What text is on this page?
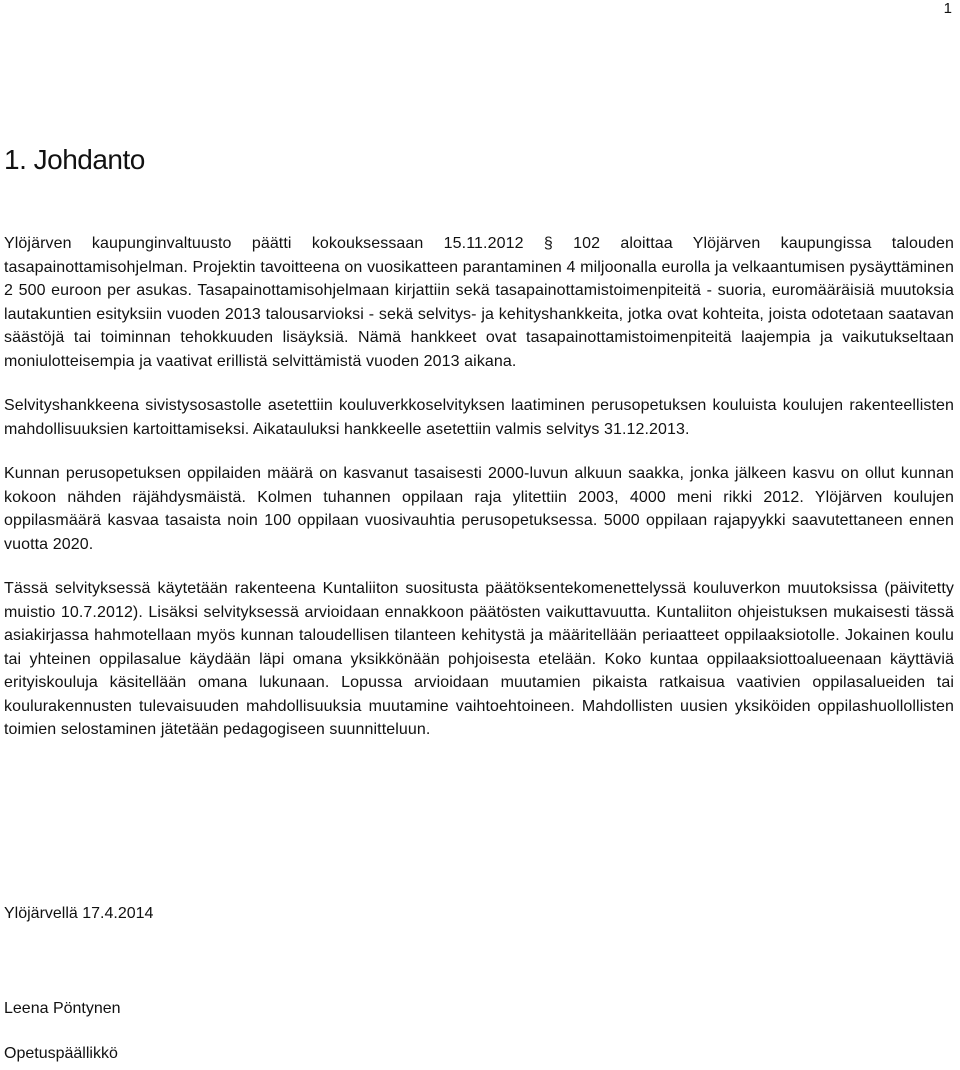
1
1. Johdanto

Ylöjärven kaupunginvaltuusto päätti kokouksessaan 15.11.2012 § 102 aloittaa Ylöjärven kaupungissa talouden tasapainottamisohjelman. Projektin tavoitteena on vuosikatteen parantaminen 4 miljoonalla eurolla ja velkaantumisen pysäyttäminen 2 500 euroon per asukas. Tasapainottamisohjelmaan kirjattiin sekä tasapainottamistoimenpiteitä - suoria, euromääräisiä muutoksia lautakuntien esityksiin vuoden 2013 talousarvioksi - sekä selvitys- ja kehityshankkeita, jotka ovat kohteita, joista odotetaan saatavan säästöjä tai toiminnan tehokkuuden lisäyksiä. Nämä hankkeet ovat tasapainottamistoimenpiteitä laajempia ja vaikutukseltaan moniulotteisempia ja vaativat erillistä selvittämistä vuoden 2013 aikana.

Selvityshankkeena sivistysosastolle asetettiin kouluverkkoselvityksen laatiminen perusopetuksen kouluista koulujen rakenteellisten mahdollisuuksien kartoittamiseksi. Aikatauluksi hankkeelle asetettiin valmis selvitys 31.12.2013.

Kunnan perusopetuksen oppilaiden määrä on kasvanut tasaisesti 2000-luvun alkuun saakka, jonka jälkeen kasvu on ollut kunnan kokoon nähden räjähdysmäistä. Kolmen tuhannen oppilaan raja ylitettiin 2003, 4000 meni rikki 2012. Ylöjärven koulujen oppilasmäärä kasvaa tasaista noin 100 oppilaan vuosivauhtia perusopetuksessa. 5000 oppilaan rajapyykki saavutettaneen ennen vuotta 2020.

Tässä selvityksessä käytetään rakenteena Kuntaliiton suositusta päätöksentekomenettelyssä kouluverkon muutoksissa (päivitetty muistio 10.7.2012). Lisäksi selvityksessä arvioidaan ennakkoon päätösten vaikuttavuutta. Kuntaliiton ohjeistuksen mukaisesti tässä asiakirjassa hahmotellaan myös kunnan taloudellisen tilanteen kehitystä ja määritellään periaatteet oppilaaksiotolle. Jokainen koulu tai yhteinen oppilasalue käydään läpi omana yksikkönään pohjoisesta etelään. Koko kuntaa oppilaaksiottoalueenaan käyttäviä erityiskouluja käsitellään omana lukunaan. Lopussa arvioidaan muutamien pikaista ratkaisua vaativien oppilasalueiden tai koulurakennusten tulevaisuuden mahdollisuuksia muutamine vaihtoehtoineen. Mahdollisten uusien yksiköiden oppilashuollollisten toimien selostaminen jätetään pedagogiseen suunnitteluun.

Ylöjärvellä 17.4.2014

Leena Pöntynen

Opetuspäällikkö
